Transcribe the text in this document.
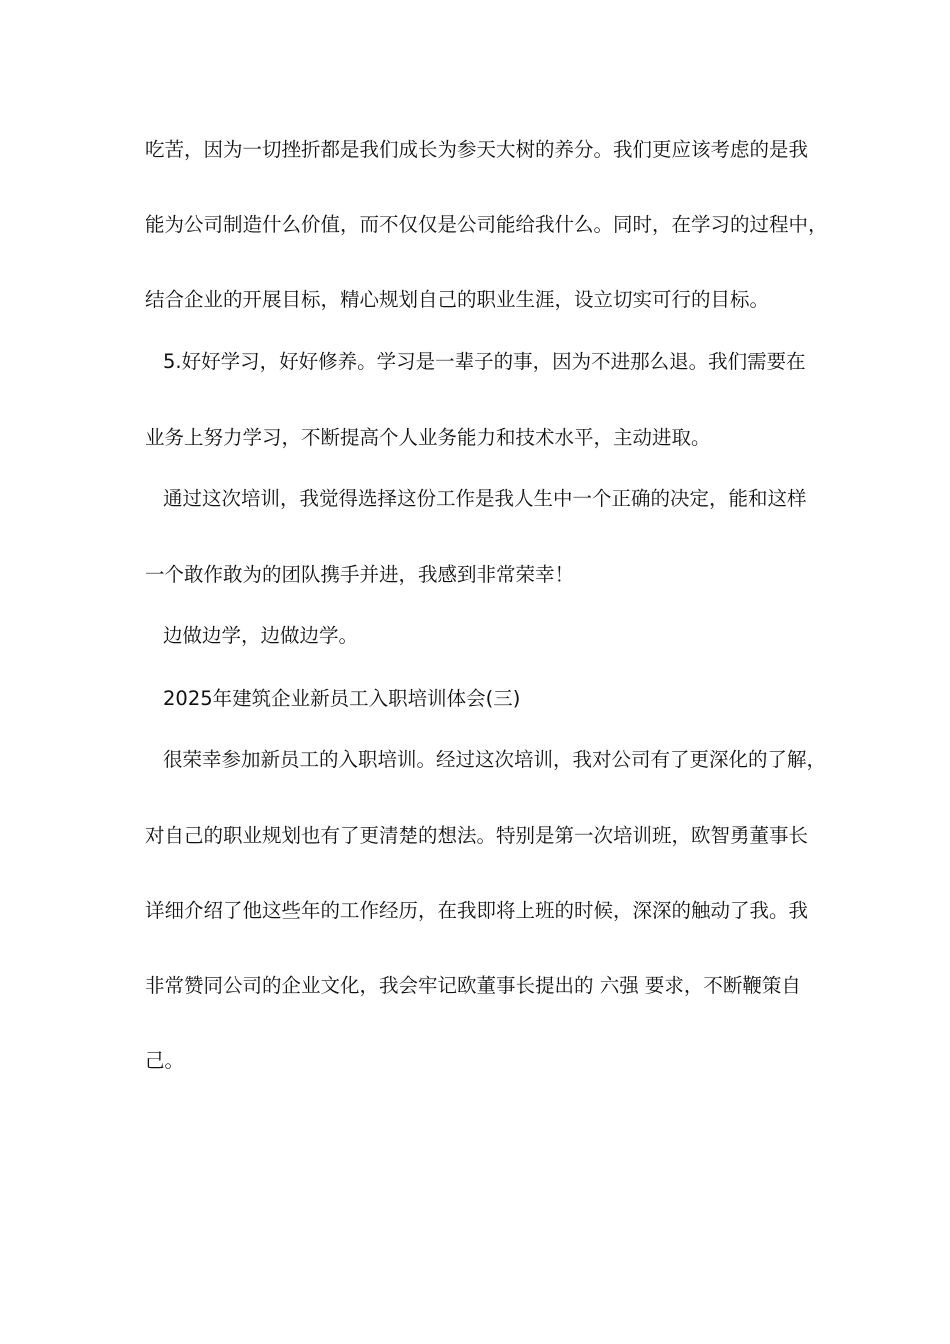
吃苦，因为一切挫折都是我们成长为参天大树的养分。我们更应该考虑的是我
能为公司制造什么价值，而不仅仅是公司能给我什么。同时，在学习的过程中，
结合企业的开展目标，精心规划自己的职业生涯，设立切实可行的目标。
5.好好学习，好好修养。学习是一辈子的事，因为不进那么退。我们需要在
业务上努力学习，不断提高个人业务能力和技术水平，主动进取。
通过这次培训，我觉得选择这份工作是我人生中一个正确的决定，能和这样
一个敢作敢为的团队携手并进，我感到非常荣幸！
边做边学，边做边学。
2025年建筑企业新员工入职培训体会(三)
很荣幸参加新员工的入职培训。经过这次培训，我对公司有了更深化的了解，
对自己的职业规划也有了更清楚的想法。特别是第一次培训班，欧智勇董事长
详细介绍了他这些年的工作经历，在我即将上班的时候，深深的触动了我。我
非常赞同公司的企业文化，我会牢记欧董事长提出的 六强 要求，不断鞭策自
己。
